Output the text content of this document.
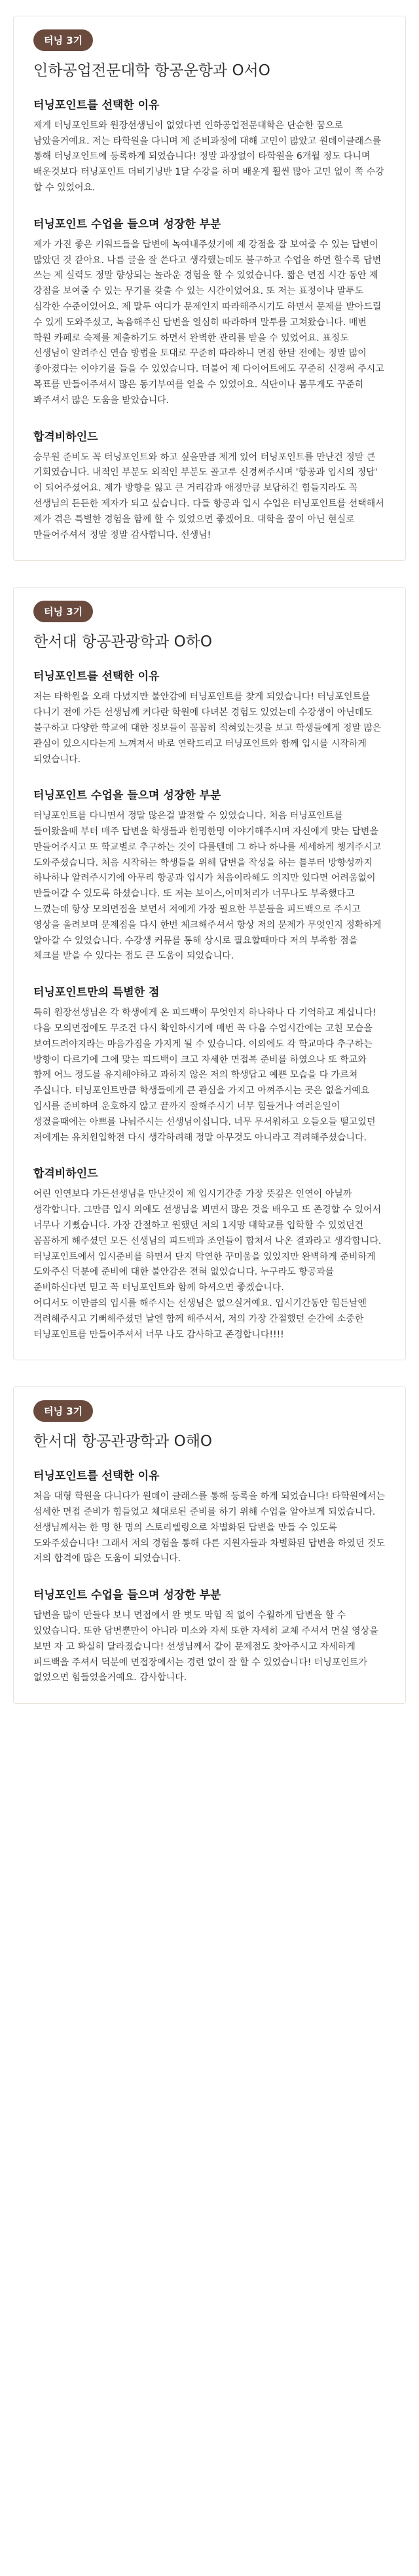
터닝 3기
인하공업전문대학 항공운항과 O서O
터닝포인트를 선택한 이유

제게 터닝포인트와 원장선생님이 없었다면 인하공업전문대학은 단순한 꿈으로 남았을거예요. 저는 타학원을 다니며 제 준비과정에 대해 고민이 많았고 원데이클래스를 통해 터닝포인트에 등록하게 되었습니다! 정말 과장없이 타학원을 6개월 정도 다니며 배운것보다 터닝포인트 더비기닝반 1달 수강을 하며 배운게 훨씬 많아 고민 없이 쭉 수강 할 수 있었어요.

터닝포인트 수업을 들으며 성장한 부분

제가 가진 좋은 키워드들을 답변에 녹여내주셨기에 제 강점을 잘 보여줄 수 있는 답변이 많았던 것 같아요. 나름 글을 잘 쓴다고 생각했는데도 불구하고 수업을 하면 할수록 답변 쓰는 제 실력도 정말 향상되는 놀라운 경험을 할 수 있었습니다. 짧은 면접 시간 동안 제 강점을 보여줄 수 있는 무기를 갖출 수 있는 시간이었어요. 또 저는 표정이나 말투도 심각한 수준이었어요. 제 말투 여디가 문제인지 따라해주시기도 하면서 문제를 받아드릴 수 있게 도와주셨고, 녹음해주신 답변을 열심히 따라하며 말투를 고쳐왔습니다. 매번 학원 카페로 숙제를 제출하기도 하면서 완벽한 관리를 받을 수 있었어요. 표정도 선생님이 알려주신 연습 방법을 토대로 꾸준히 따라하니 면접 한달 전에는 정말 많이 좋아졌다는 이야기를 들을 수 있었습니다. 더불어 제 다이어트에도 꾸준히 신경써 주시고 목표를 만들어주셔서 많은 동기부여를 얻을 수 있었어요. 식단이나 몸무게도 꾸준히 봐주셔서 많은 도움을 받았습니다.

합격비하인드

승무원 준비도 꼭 터닝포인트와 하고 싶을만큼 제게 있어 터닝포인트를 만난건 정말 큰 기회였습니다. 내적인 부분도 외적인 부분도 골고루 신경써주시며 '항공과 입시의 정답' 이 되어주셨어요. 제가 방향을 잃고 큰 거리감과 애정만큼 보답하긴 힘들지라도 꼭 선생님의 든든한 제자가 되고 싶습니다. 다들 항공과 입시 수업은 터닝포인트를 선택해서 제가 겪은 특별한 경험을 함께 할 수 있었으면 좋겠어요. 대학을 꿈이 아닌 현실로 만들어주셔서 정말 정말 감사합니다. 선생님!

터닝 3기
한서대 항공관광학과 O하O
터닝포인트를 선택한 이유

저는 타학원을 오래 다녔지만 불안감에 터닝포인트를 찾게 되었습니다! 터닝포인트를 다니기 전에 가든 선생님께 커다란 학원에 다녀본 경험도 있었는데 수강생이 아닌데도 불구하고 다양한 학교에 대한 정보들이 꼼꼼히 적혀있는것을 보고 학생들에게 정말 많은 관심이 있으시다는게 느껴져서 바로 연락드리고 터닝포인트와 함께 입시를 시작하게 되었습니다.

터닝포인트 수업을 들으며 성장한 부분

터닝포인트를 다니면서 정말 많은걸 발전할 수 있었습니다. 처음 터닝포인트를 들어왔을때 부터 매주 답변을 학생들과 한명한명 이야기해주시며 자신에게 맞는 답변을 만들어주시고 또 학교별로 추구하는 것이 다를텐데 그 하나 하나를 세세하게 챙겨주시고 도와주셨습니다. 처음 시작하는 학생들을 위해 답변을 작성을 하는 틀부터 방향성까지 하나하나 알려주시기에 아무리 항공과 입시가 처음이라해도 의지만 있다면 어려움없이 만들어갈 수 있도록 하셨습니다. 또 저는 보이스,어미처리가 너무나도 부족했다고 느꼈는데 항상 모의면접을 보면서 저에게 가장 필요한 부분들을 피드백으로 주시고 영상을 올려보며 문제점을 다시 한번 체크해주셔서 항상 저의 문제가 무엇인지 정확하게 알아갈 수 있었습니다. 수강생 커뮤를 통해 상시로 필요할때마다 저의 부족함 점을 체크를 받을 수 있다는 점도 큰 도움이 되었습니다.

터닝포인트만의 특별한 점

특히 원장선생님은 각 학생에게 온 피드백이 무엇인지 하나하나 다 기억하고 계십니다! 다음 모의면접에도 무조건 다시 확인하시기에 매번 꼭 다음 수업시간에는 고친 모습을 보여드려야지라는 마음가짐을 가지게 될 수 있습니다. 이외에도 각 학교마다 추구하는 방향이 다르기에 그에 맞는 피드백이 크고 자세한 면접복 준비를 하였으나 또 학교와 함께 어느 정도를 유지해야하고 과하지 않은 저의 학생답고 예쁜 모습을 다 가르쳐 주십니다. 터닝포인트만큼 학생들에게 큰 관심을 가지고 아껴주시는 곳은 없을거예요 입시를 준비하며 운호하지 않고 끝까지 잘해주시기 너무 힘들거나 여러운일이 생겼을때에는 아쁘를 나눠주시는 선생님이십니다. 너무 무서워하고 오들오들 떨고있던 저에게는 유치원입학전 다시 생각하려해 정말 아무것도 아니라고 격려해주셨습니다.

합격비하인드

어린 인연보다 가든선생님을 만난것이 제 입시기간중 가장 뜻깊은 인연이 아닐까 생각합니다. 그만큼 입시 외에도 선생님을 뵈면서 많은 것을 배우고 또 존경할 수 있어서 너무나 기뻤습니다. 가장 간절하고 원했던 저의 1지망 대학교를 입학할 수 있었던건 꼼꼼하게 해주셨던 모든 선생님의 피드백과 조언들이 합쳐서 나온 결과라고 생각합니다. 터닝포인트에서 입시준비를 하면서 단지 막연한 꾸미움을 있었지만 완벽하게 준비하게 도와주신 덕분에 준비에 대한 불안감은 전혀 없었습니다. 누구라도 항공과를 준비하신다면 믿고 꼭 터닝포인트와 함께 하셔으면 좋겠습니다.
어디서도 이만큼의 입시를 해주시는 선생님은 없으실거예요. 입시기간동안 힘든날엔 격려해주시고 기뻐해주셨던 날엔 함께 해주셔서, 저의 가장 간절했던 순간에 소중한 터닝포인트를 만들어주셔서 너무 나도 감사하고 존경합니다!!!!

터닝 3기
한서대 항공관광학과 O해O
터닝포인트를 선택한 이유

처음 대형 학원을 다니다가 원데이 클래스를 통해 등록을 하게 되었습니다! 타학원에서는 섬세한 면접 준비가 힘들었고 체대로된 준비를 하기 위해 수업을 알아보게 되었습니다. 선생님께서는 한 명 한 명의 스토리텔링으로 차별화된 답변을 만들 수 있도록 도와주셨습니다! 그래서 저의 경험을 통해 다른 지원자들과 차별화된 답변을 하였던 것도 저의 합격에 많은 도움이 되었습니다.

터닝포인트 수업을 들으며 성장한 부분

답변을 많이 만들다 보니 면접에서 완 벗도 막힘 적 없이 수월하게 답변을 할 수 있었습니다. 또한 답변뿐만이 아니라 미소와 자세 또한 자세히 교체 주셔서 면실 영상을 보면 자 고 확실히 달라졌습니다! 선생님께서 같이 문제점도 찾아주시고 자세하게 피드백을 주셔서 덕분에 면접장에서는 경련 없이 잘 할 수 있었습니다! 터닝포인트가 없었으면 힘들었을거예요. 감사합니다.
